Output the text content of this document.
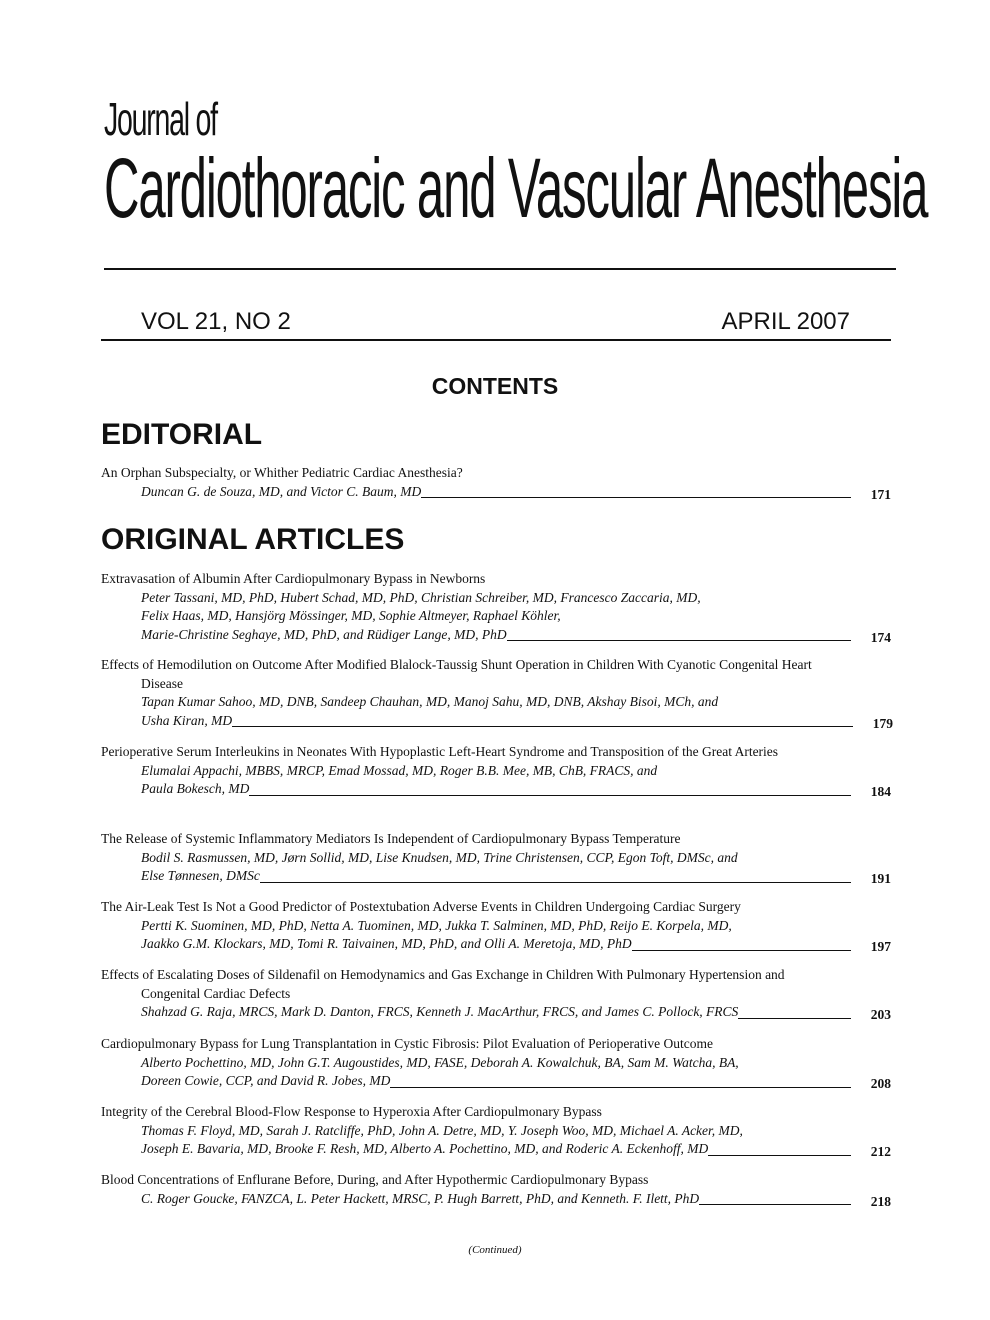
Journal of
Cardiothoracic and Vascular Anesthesia
VOL 21, NO 2	APRIL 2007
CONTENTS
EDITORIAL
An Orphan Subspecialty, or Whither Pediatric Cardiac Anesthesia?
Duncan G. de Souza, MD, and Victor C. Baum, MD	171
ORIGINAL ARTICLES
Extravasation of Albumin After Cardiopulmonary Bypass in Newborns
Peter Tassani, MD, PhD, Hubert Schad, MD, PhD, Christian Schreiber, MD, Francesco Zaccaria, MD,
Felix Haas, MD, Hansjörg Mössinger, MD, Sophie Altmeyer, Raphael Köhler,
Marie-Christine Seghaye, MD, PhD, and Rüdiger Lange, MD, PhD	174
Effects of Hemodilution on Outcome After Modified Blalock-Taussig Shunt Operation in Children With Cyanotic Congenital Heart Disease
Tapan Kumar Sahoo, MD, DNB, Sandeep Chauhan, MD, Manoj Sahu, MD, DNB, Akshay Bisoi, MCh, and
Usha Kiran, MD	179
Perioperative Serum Interleukins in Neonates With Hypoplastic Left-Heart Syndrome and Transposition of the Great Arteries
Elumalai Appachi, MBBS, MRCP, Emad Mossad, MD, Roger B.B. Mee, MB, ChB, FRACS, and
Paula Bokesch, MD	184
The Release of Systemic Inflammatory Mediators Is Independent of Cardiopulmonary Bypass Temperature
Bodil S. Rasmussen, MD, Jørn Sollid, MD, Lise Knudsen, MD, Trine Christensen, CCP, Egon Toft, DMSc, and
Else Tønnesen, DMSc	191
The Air-Leak Test Is Not a Good Predictor of Postextubation Adverse Events in Children Undergoing Cardiac Surgery
Pertti K. Suominen, MD, PhD, Netta A. Tuominen, MD, Jukka T. Salminen, MD, PhD, Reijo E. Korpela, MD,
Jaakko G.M. Klockars, MD, Tomi R. Taivainen, MD, PhD, and Olli A. Meretoja, MD, PhD	197
Effects of Escalating Doses of Sildenafil on Hemodynamics and Gas Exchange in Children With Pulmonary Hypertension and Congenital Cardiac Defects
Shahzad G. Raja, MRCS, Mark D. Danton, FRCS, Kenneth J. MacArthur, FRCS, and James C. Pollock, FRCS	203
Cardiopulmonary Bypass for Lung Transplantation in Cystic Fibrosis: Pilot Evaluation of Perioperative Outcome
Alberto Pochettino, MD, John G.T. Augoustides, MD, FASE, Deborah A. Kowalchuk, BA, Sam M. Watcha, BA,
Doreen Cowie, CCP, and David R. Jobes, MD	208
Integrity of the Cerebral Blood-Flow Response to Hyperoxia After Cardiopulmonary Bypass
Thomas F. Floyd, MD, Sarah J. Ratcliffe, PhD, John A. Detre, MD, Y. Joseph Woo, MD, Michael A. Acker, MD,
Joseph E. Bavaria, MD, Brooke F. Resh, MD, Alberto A. Pochettino, MD, and Roderic A. Eckenhoff, MD	212
Blood Concentrations of Enflurane Before, During, and After Hypothermic Cardiopulmonary Bypass
C. Roger Goucke, FANZCA, L. Peter Hackett, MRSC, P. Hugh Barrett, PhD, and Kenneth. F. Ilett, PhD	218
(Continued)
